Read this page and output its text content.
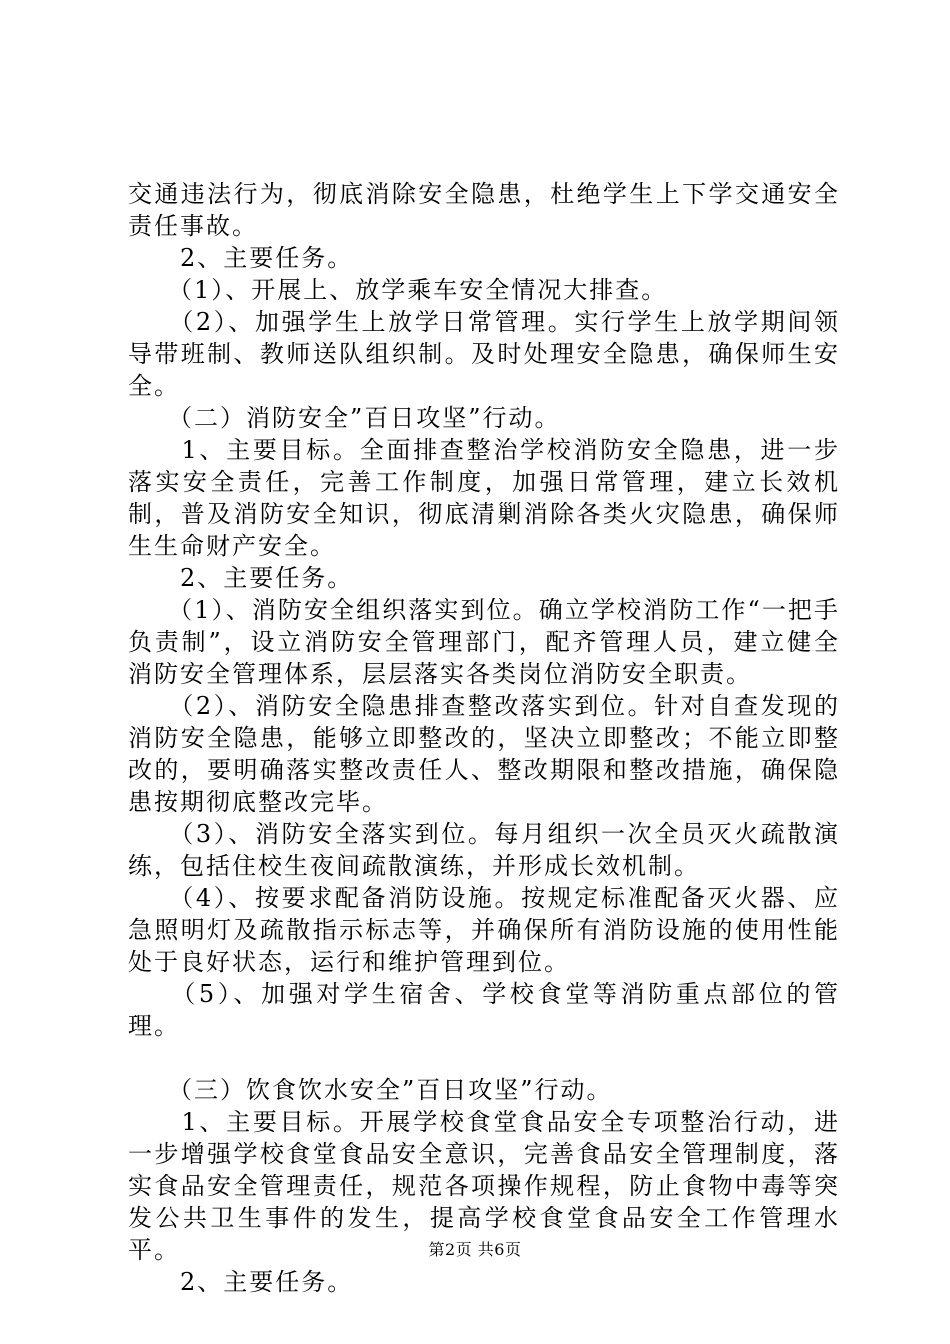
交通违法行为，彻底消除安全隐患，杜绝学生上下学交通安全责任事故。

　　2、主要任务。

　　（1）、开展上、放学乘车安全情况大排查。

　　（2）、加强学生上放学日常管理。实行学生上放学期间领导带班制、教师送队组织制。及时处理安全隐患，确保师生安全。

　　（二）消防安全”百日攻坚”行动。

　　1、主要目标。全面排查整治学校消防安全隐患，进一步落实安全责任，完善工作制度，加强日常管理，建立长效机制，普及消防安全知识，彻底清剿消除各类火灾隐患，确保师生生命财产安全。

　　2、主要任务。

　　（1）、消防安全组织落实到位。确立学校消防工作“一把手负责制”，设立消防安全管理部门，配齐管理人员，建立健全消防安全管理体系，层层落实各类岗位消防安全职责。

　　（2）、消防安全隐患排查整改落实到位。针对自查发现的消防安全隐患，能够立即整改的，坚决立即整改；不能立即整改的，要明确落实整改责任人、整改期限和整改措施，确保隐患按期彻底整改完毕。

　　（3）、消防安全落实到位。每月组织一次全员灭火疏散演练，包括住校生夜间疏散演练，并形成长效机制。

　　（4）、按要求配备消防设施。按规定标准配备灭火器、应急照明灯及疏散指示标志等，并确保所有消防设施的使用性能处于良好状态，运行和维护管理到位。

　　（5）、加强对学生宿舍、学校食堂等消防重点部位的管理。

　　（三）饮食饮水安全”百日攻坚”行动。

　　1、主要目标。开展学校食堂食品安全专项整治行动，进一步增强学校食堂食品安全意识，完善食品安全管理制度，落实食品安全管理责任，规范各项操作规程，防止食物中毒等突发公共卫生事件的发生，提高学校食堂食品安全工作管理水平。

　　2、主要任务。

第2页 共6页
